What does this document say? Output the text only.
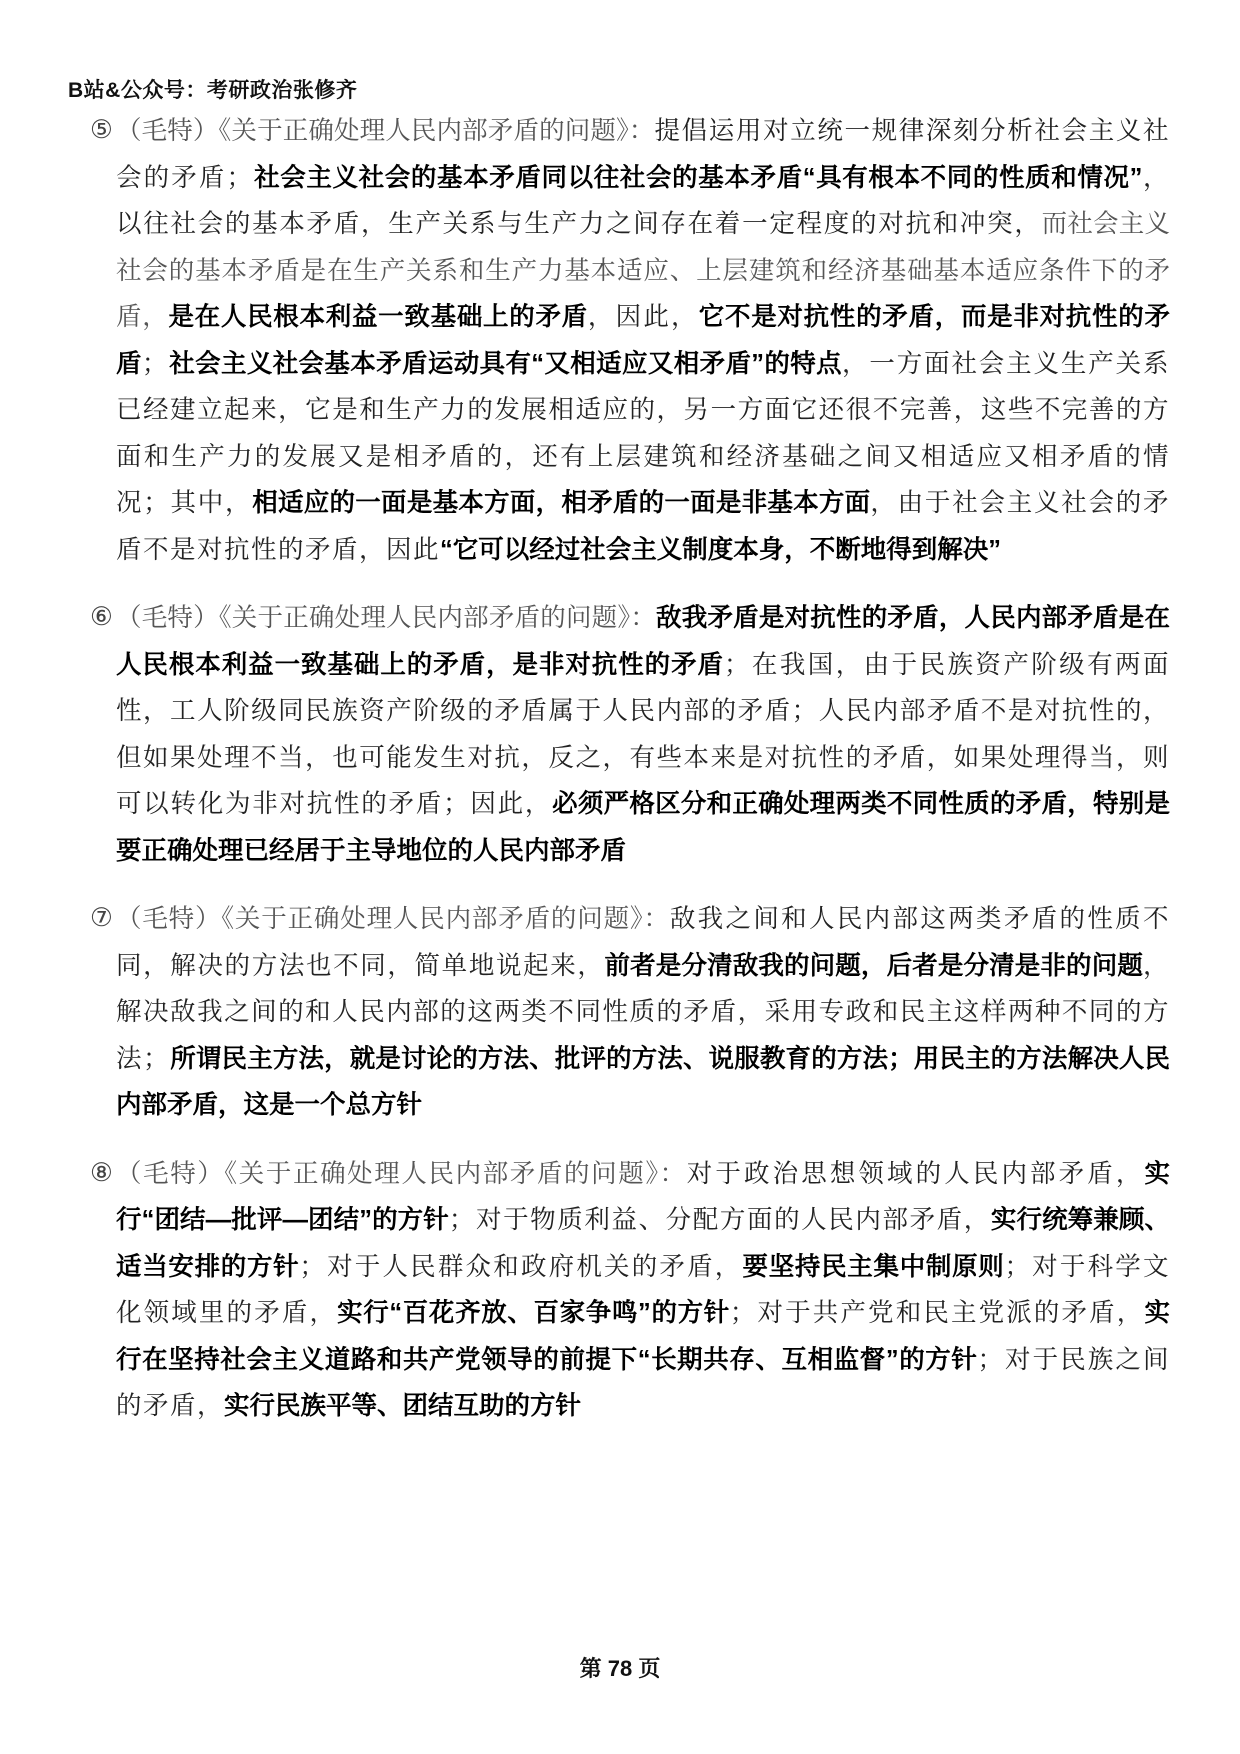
B站&公众号：考研政治张修齐
⑤ （毛特）《关于正确处理人民内部矛盾的问题》：提倡运用对立统一规律深刻分析社会主义社会的矛盾；社会主义社会的基本矛盾同以往社会的基本矛盾“具有根本不同的性质和情况”，以往社会的基本矛盾，生产关系与生产力之间存在着一定程度的对抗和冲突，而社会主义社会的基本矛盾是在生产关系和生产力基本适应、上层建筑和经济基础基本适应条件下的矛盾，是在人民根本利益一致基础上的矛盾，因此，它不是对抗性的矛盾，而是非对抗性的矛盾；社会主义社会基本矛盾运动具有“又相适应又相矛盾”的特点，一方面社会主义生产关系已经建立起来，它是和生产力的发展相适应的，另一方面它还很不完善，这些不完善的方面和生产力的发展又是相矛盾的，还有上层建筑和经济基础之间又相适应又相矛盾的情况；其中，相适应的一面是基本方面，相矛盾的一面是非基本方面，由于社会主义社会的矛盾不是对抗性的矛盾，因此“它可以经过社会主义制度本身，不断地得到解决”
⑥ （毛特）《关于正确处理人民内部矛盾的问题》：敌我矛盾是对抗性的矛盾，人民内部矛盾是在人民根本利益一致基础上的矛盾，是非对抗性的矛盾；在我国，由于民族资产阶级有两面性，工人阶级同民族资产阶级的矛盾属于人民内部的矛盾；人民内部矛盾不是对抗性的，但如果处理不当，也可能发生对抗，反之，有些本来是对抗性的矛盾，如果处理得当，则可以转化为非对抗性的矛盾；因此，必须严格区分和正确处理两类不同性质的矛盾，特别是要正确处理已经居于主导地位的人民内部矛盾
⑦ （毛特）《关于正确处理人民内部矛盾的问题》：敌我之间和人民内部这两类矛盾的性质不同，解决的方法也不同，简单地说起来，前者是分清敌我的问题，后者是分清是非的问题，解决敌我之间的和人民内部的这两类不同性质的矛盾，采用专政和民主这样两种不同的方法；所谓民主方法，就是讨论的方法、批评的方法、说服教育的方法；用民主的方法解决人民内部矛盾，这是一个总方针
⑧ （毛特）《关于正确处理人民内部矛盾的问题》：对于政治思想领域的人民内部矛盾，实行“团结—批评—团结”的方针；对于物质利益、分配方面的人民内部矛盾，实行统筹兼顾、适当安排的方针；对于人民群众和政府机关的矛盾，要坚持民主集中制原则；对于科学文化领域里的矛盾，实行“百花齐放、百家争鸣”的方针；对于共产党和民主党派的矛盾，实行在坚持社会主义道路和共产党领导的前提下“长期共存、互相监督”的方针；对于民族之间的矛盾，实行民族平等、团结互助的方针
第 78 页
